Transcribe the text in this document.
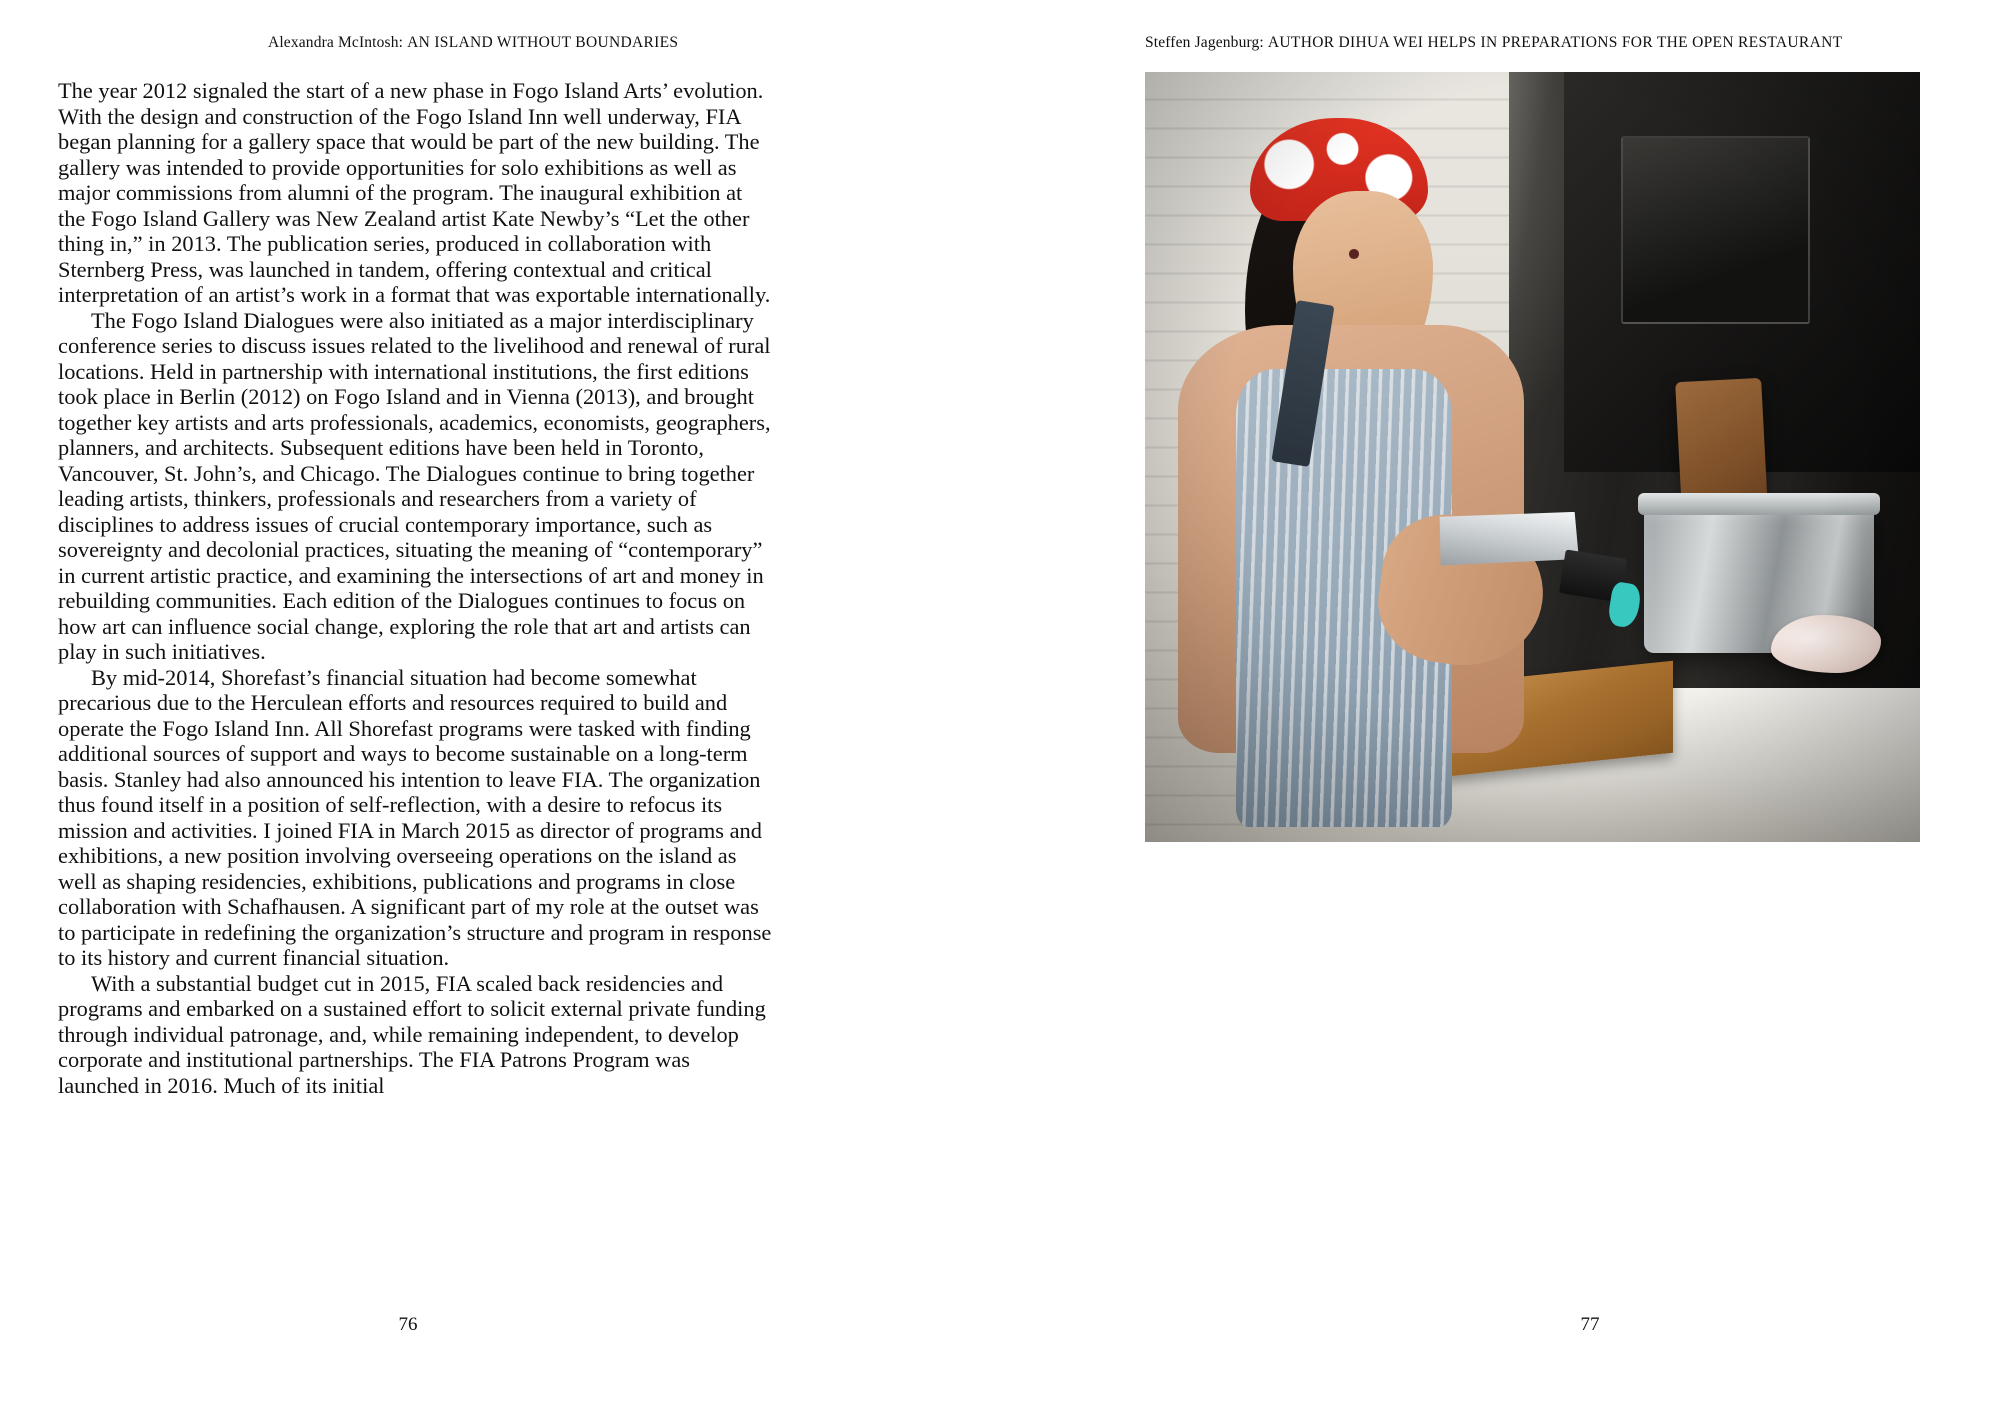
Alexandra McIntosh: AN ISLAND WITHOUT BOUNDARIES

The year 2012 signaled the start of a new phase in Fogo Island Arts’ evolution. With the design and construction of the Fogo Island Inn well underway, FIA began planning for a gallery space that would be part of the new building. The gallery was intended to provide opportunities for solo exhibitions as well as major commissions from alumni of the program. The inaugural exhibition at the Fogo Island Gallery was New Zealand artist Kate Newby’s “Let the other thing in,” in 2013. The publication series, produced in collaboration with Sternberg Press, was launched in tandem, offering contextual and critical interpretation of an artist’s work in a format that was exportable internationally.

The Fogo Island Dialogues were also initiated as a major interdisciplinary conference series to discuss issues related to the livelihood and renewal of rural locations. Held in partnership with international institutions, the first editions took place in Berlin (2012) on Fogo Island and in Vienna (2013), and brought together key artists and arts professionals, academics, economists, geographers, planners, and architects. Subsequent editions have been held in Toronto, Vancouver, St. John’s, and Chicago. The Dialogues continue to bring together leading artists, thinkers, professionals and researchers from a variety of disciplines to address issues of crucial contemporary importance, such as sovereignty and decolonial practices, situating the meaning of “contemporary” in current artistic practice, and examining the intersections of art and money in rebuilding communities. Each edition of the Dialogues continues to focus on how art can influence social change, exploring the role that art and artists can play in such initiatives.

By mid-2014, Shorefast’s financial situation had become somewhat precarious due to the Herculean efforts and resources required to build and operate the Fogo Island Inn. All Shorefast programs were tasked with finding additional sources of support and ways to become sustainable on a long-term basis. Stanley had also announced his intention to leave FIA. The organization thus found itself in a position of self-reflection, with a desire to refocus its mission and activities. I joined FIA in March 2015 as director of programs and exhibitions, a new position involving overseeing operations on the island as well as shaping residencies, exhibitions, publications and programs in close collaboration with Schafhausen. A significant part of my role at the outset was to participate in redefining the organization’s structure and program in response to its history and current financial situation.

With a substantial budget cut in 2015, FIA scaled back residencies and programs and embarked on a sustained effort to solicit external private funding through individual patronage, and, while remaining independent, to develop corporate and institutional partnerships. The FIA Patrons Program was launched in 2016. Much of its initial

76
Steffen Jagenburg: AUTHOR DIHUA WEI HELPS IN PREPARATIONS FOR THE OPEN RESTAURANT
77
